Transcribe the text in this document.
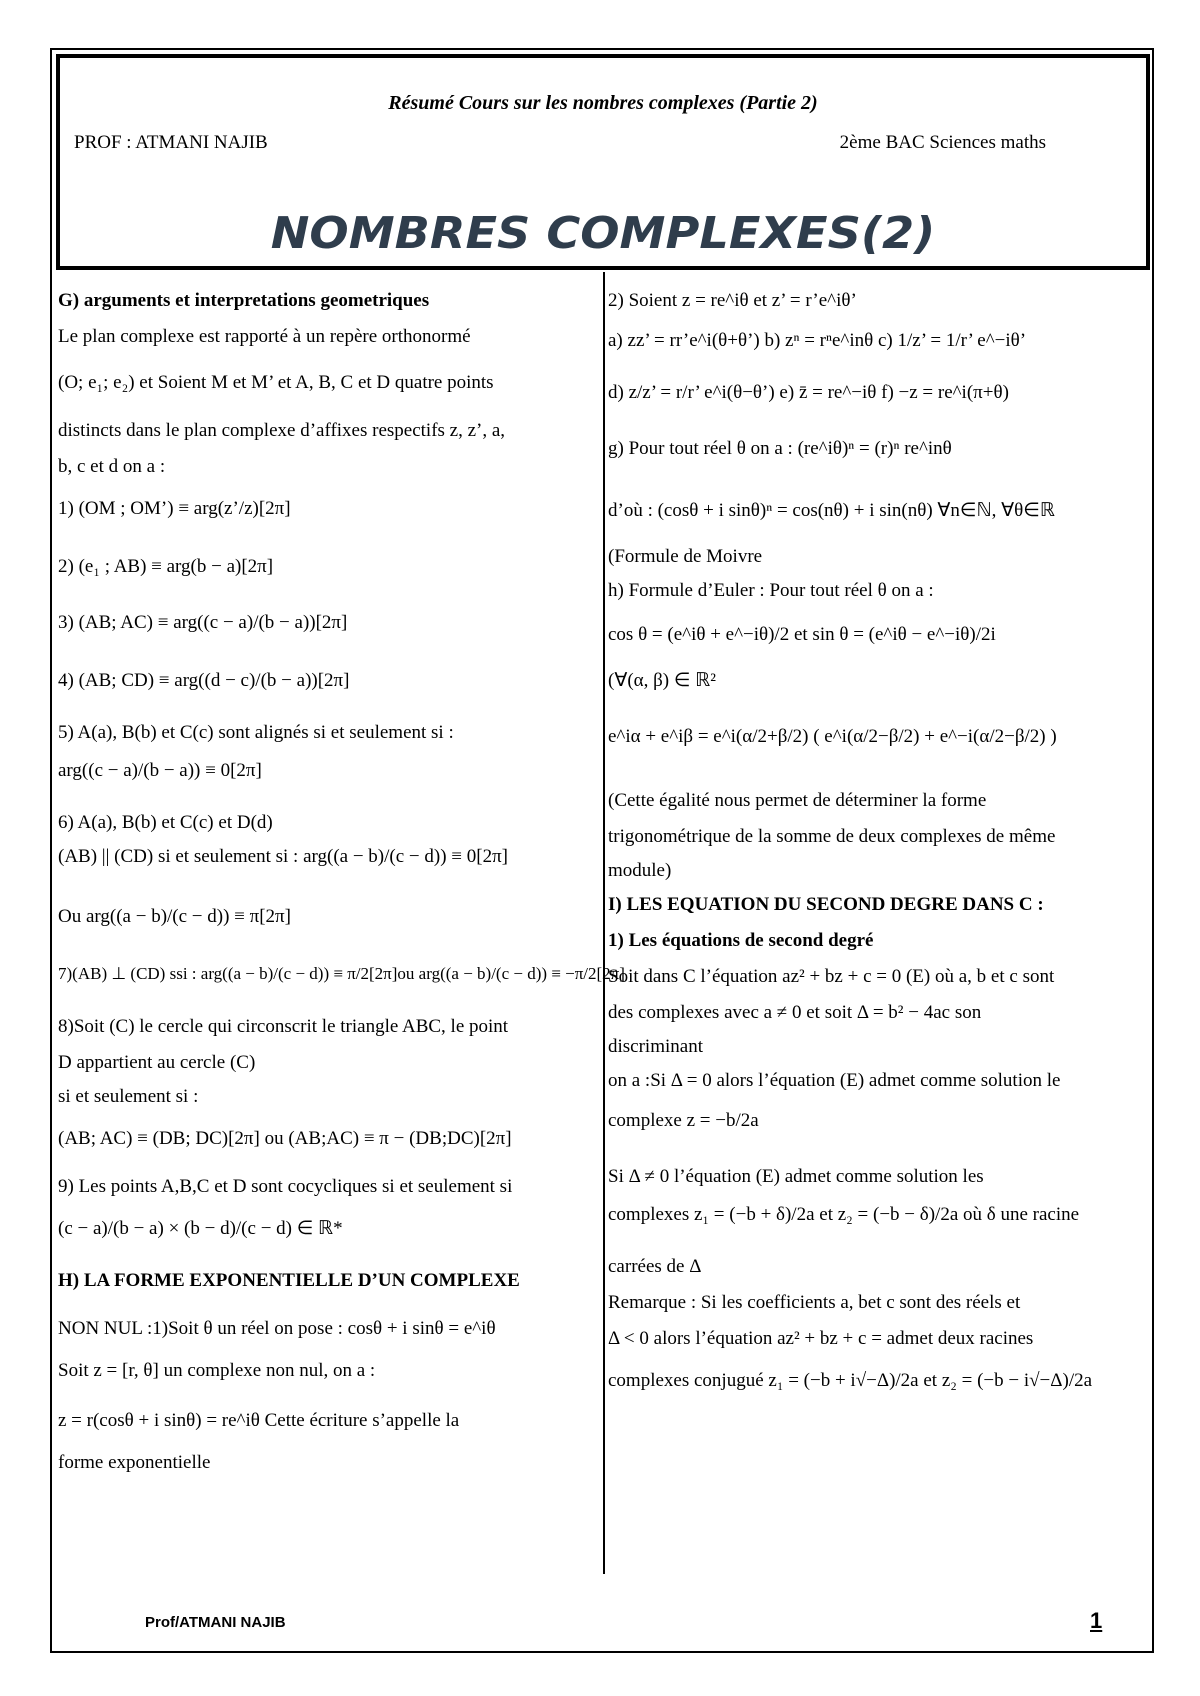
Résumé Cours sur les nombres complexes (Partie 2)
PROF : ATMANI NAJIB	2ème BAC Sciences maths
NOMBRES COMPLEXES(2)
G) arguments et interpretations geometriques
Le plan complexe est rapporté à un repère orthonormé
(O; e₁; e₂) et Soient M et M’ et A, B, C et D quatre points
distincts dans le plan complexe d’affixes respectifs z, z’, a,
b, c et d on a :
1) (OM ; OM’) ≡ arg(z’/z)[2π]
2) (e₁ ; AB) ≡ arg(b − a)[2π]
3) (AB; AC) ≡ arg((c − a)/(b − a))[2π]
4) (AB; CD) ≡ arg((d − c)/(b − a))[2π]
5) A(a), B(b) et C(c) sont alignés si et seulement si :
arg((c − a)/(b − a)) ≡ 0[2π]
6) A(a), B(b) et C(c) et D(d)
(AB) || (CD) si et seulement si : arg((a − b)/(c − d)) ≡ 0[2π]
Ou arg((a − b)/(c − d)) ≡ π[2π]
7)(AB) ⊥ (CD) ssi : arg((a − b)/(c − d)) ≡ π/2[2π]ou arg((a − b)/(c − d)) ≡ −π/2[2π]
8)Soit (C) le cercle qui circonscrit le triangle ABC, le point
D appartient au cercle (C)
si et seulement si :
(AB; AC) ≡ (DB; DC)[2π] ou (AB;AC) ≡ π − (DB;DC)[2π]
9) Les points A,B,C et D sont cocycliques si et seulement si
(c − a)/(b − a) × (b − d)/(c − d) ∈ ℝ*
H) LA FORME EXPONENTIELLE D’UN COMPLEXE
NON NUL :1)Soit θ un réel on pose : cosθ + i sinθ = e^iθ
Soit z = [r, θ] un complexe non nul, on a :
z = r(cosθ + i sinθ) = re^iθ Cette écriture s’appelle la
forme exponentielle
2) Soient z = re^iθ et z’ = r’e^iθ’
a) zz’ = rr’e^i(θ+θ’) b) zⁿ = rⁿe^inθ c) 1/z’ = 1/r’ e^−iθ’
d) z/z’ = r/r’ e^i(θ−θ’) e) z̄ = re^−iθ f) −z = re^i(π+θ)
g) Pour tout réel θ on a : (re^iθ)ⁿ = (r)ⁿ re^inθ
d’où : (cosθ + i sinθ)ⁿ = cos(nθ) + i sin(nθ) ∀n∈ℕ, ∀θ∈ℝ
(Formule de Moivre
h) Formule d’Euler : Pour tout réel θ on a :
cos θ = (e^iθ + e^−iθ)/2 et sin θ = (e^iθ − e^−iθ)/2i
(∀(α, β) ∈ ℝ²
e^iα + e^iβ = e^i(α/2+β/2) ( e^i(α/2−β/2) + e^−i(α/2−β/2) )
(Cette égalité nous permet de déterminer la forme
trigonométrique de la somme de deux complexes de même
module)
I) LES EQUATION DU SECOND DEGRE DANS C :
1) Les équations de second degré
Soit dans C l’équation az² + bz + c = 0 (E) où a, b et c sont
des complexes avec a ≠ 0 et soit Δ = b² − 4ac son
discriminant
on a :Si Δ = 0 alors l’équation (E) admet comme solution le
complexe z = −b/2a
Si Δ ≠ 0 l’équation (E) admet comme solution les
complexes z₁ = (−b + δ)/2a et z₂ = (−b − δ)/2a où δ une racine
carrées de Δ
Remarque : Si les coefficients a, bet c sont des réels et
Δ < 0 alors l’équation az² + bz + c = admet deux racines
complexes conjugué z₁ = (−b + i√−Δ)/2a et z₂ = (−b − i√−Δ)/2a
Prof/ATMANI NAJIB	1
